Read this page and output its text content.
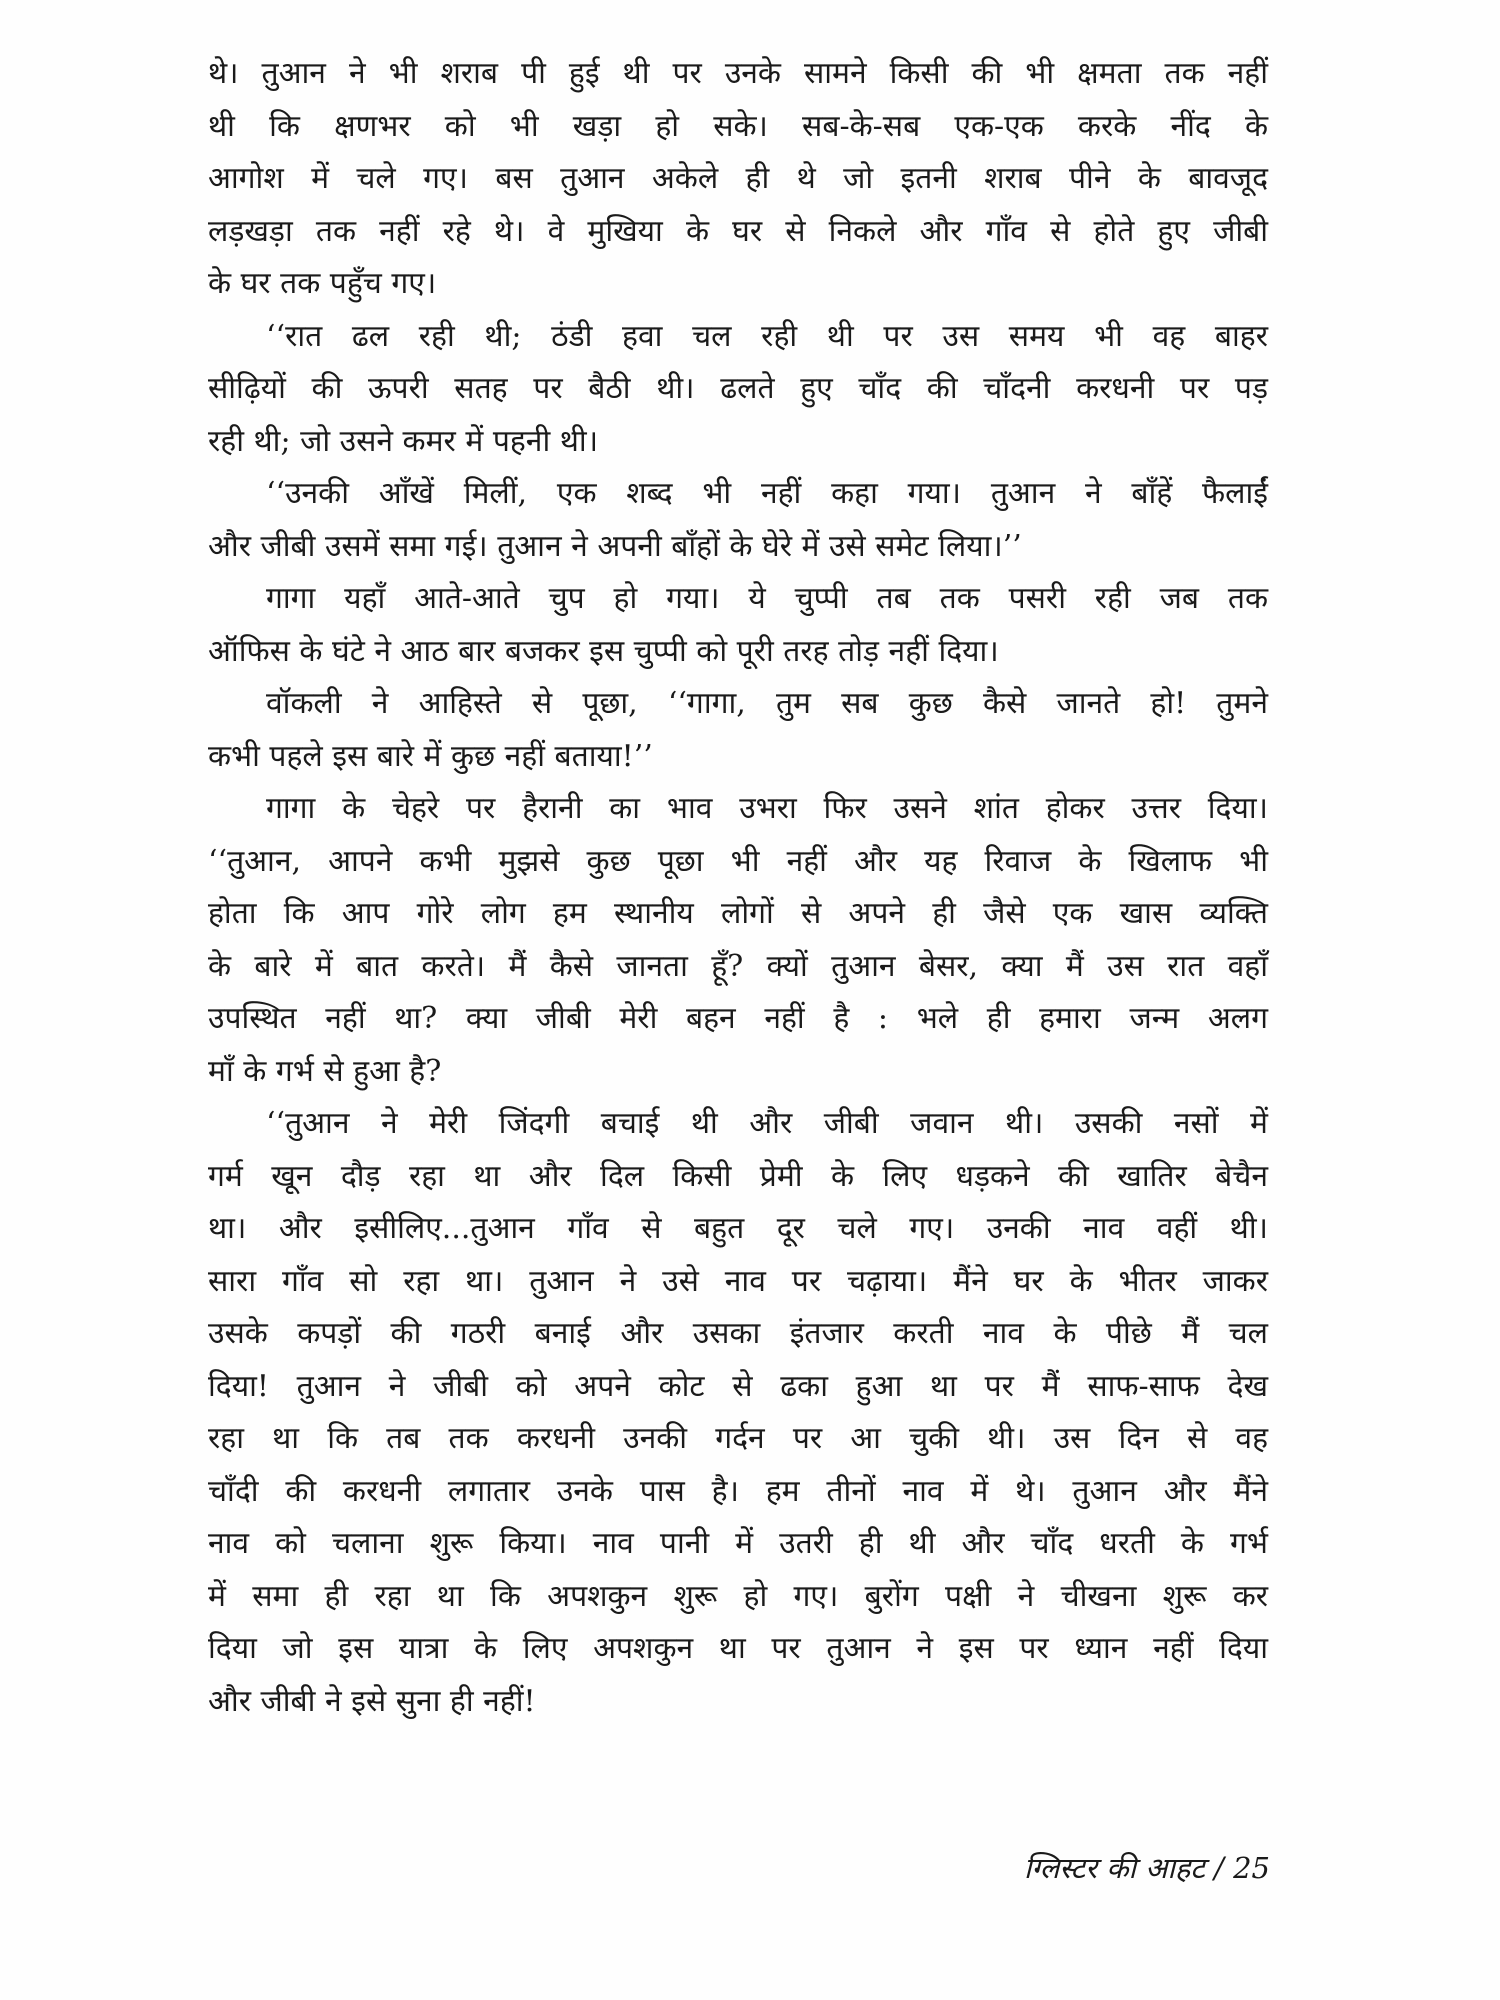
थे। तुआन ने भी शराब पी हुई थी पर उनके सामने किसी की भी क्षमता तक नहीं
थी कि क्षणभर को भी खड़ा हो सके। सब-के-सब एक-एक करके नींद के
आगोश में चले गए। बस तुआन अकेले ही थे जो इतनी शराब पीने के बावजूद
लड़खड़ा तक नहीं रहे थे। वे मुखिया के घर से निकले और गाँव से होते हुए जीबी
के घर तक पहुँच गए।
‘‘रात ढल रही थी; ठंडी हवा चल रही थी पर उस समय भी वह बाहर
सीढ़ियों की ऊपरी सतह पर बैठी थी। ढलते हुए चाँद की चाँदनी करधनी पर पड़
रही थी; जो उसने कमर में पहनी थी।
‘‘उनकी आँखें मिलीं, एक शब्द भी नहीं कहा गया। तुआन ने बाँहें फैलाईं
और जीबी उसमें समा गई। तुआन ने अपनी बाँहों के घेरे में उसे समेट लिया।’’
गागा यहाँ आते-आते चुप हो गया। ये चुप्पी तब तक पसरी रही जब तक
ऑफिस के घंटे ने आठ बार बजकर इस चुप्पी को पूरी तरह तोड़ नहीं दिया।
वॉकली ने आहिस्ते से पूछा, ‘‘गागा, तुम सब कुछ कैसे जानते हो! तुमने
कभी पहले इस बारे में कुछ नहीं बताया!’’
गागा के चेहरे पर हैरानी का भाव उभरा फिर उसने शांत होकर उत्तर दिया।
‘‘तुआन, आपने कभी मुझसे कुछ पूछा भी नहीं और यह रिवाज के खिलाफ भी
होता कि आप गोरे लोग हम स्थानीय लोगों से अपने ही जैसे एक खास व्यक्ति
के बारे में बात करते। मैं कैसे जानता हूँ? क्यों तुआन बेसर, क्या मैं उस रात वहाँ
उपस्थित नहीं था? क्या जीबी मेरी बहन नहीं है : भले ही हमारा जन्म अलग
माँ के गर्भ से हुआ है?
‘‘तुआन ने मेरी जिंदगी बचाई थी और जीबी जवान थी। उसकी नसों में
गर्म खून दौड़ रहा था और दिल किसी प्रेमी के लिए धड़कने की खातिर बेचैन
था। और इसीलिए...तुआन गाँव से बहुत दूर चले गए। उनकी नाव वहीं थी।
सारा गाँव सो रहा था। तुआन ने उसे नाव पर चढ़ाया। मैंने घर के भीतर जाकर
उसके कपड़ों की गठरी बनाई और उसका इंतजार करती नाव के पीछे मैं चल
दिया! तुआन ने जीबी को अपने कोट से ढका हुआ था पर मैं साफ-साफ देख
रहा था कि तब तक करधनी उनकी गर्दन पर आ चुकी थी। उस दिन से वह
चाँदी की करधनी लगातार उनके पास है। हम तीनों नाव में थे। तुआन और मैंने
नाव को चलाना शुरू किया। नाव पानी में उतरी ही थी और चाँद धरती के गर्भ
में समा ही रहा था कि अपशकुन शुरू हो गए। बुरोंग पक्षी ने चीखना शुरू कर
दिया जो इस यात्रा के लिए अपशकुन था पर तुआन ने इस पर ध्यान नहीं दिया
और जीबी ने इसे सुना ही नहीं!
ग्लिस्टर की आहट / 25
